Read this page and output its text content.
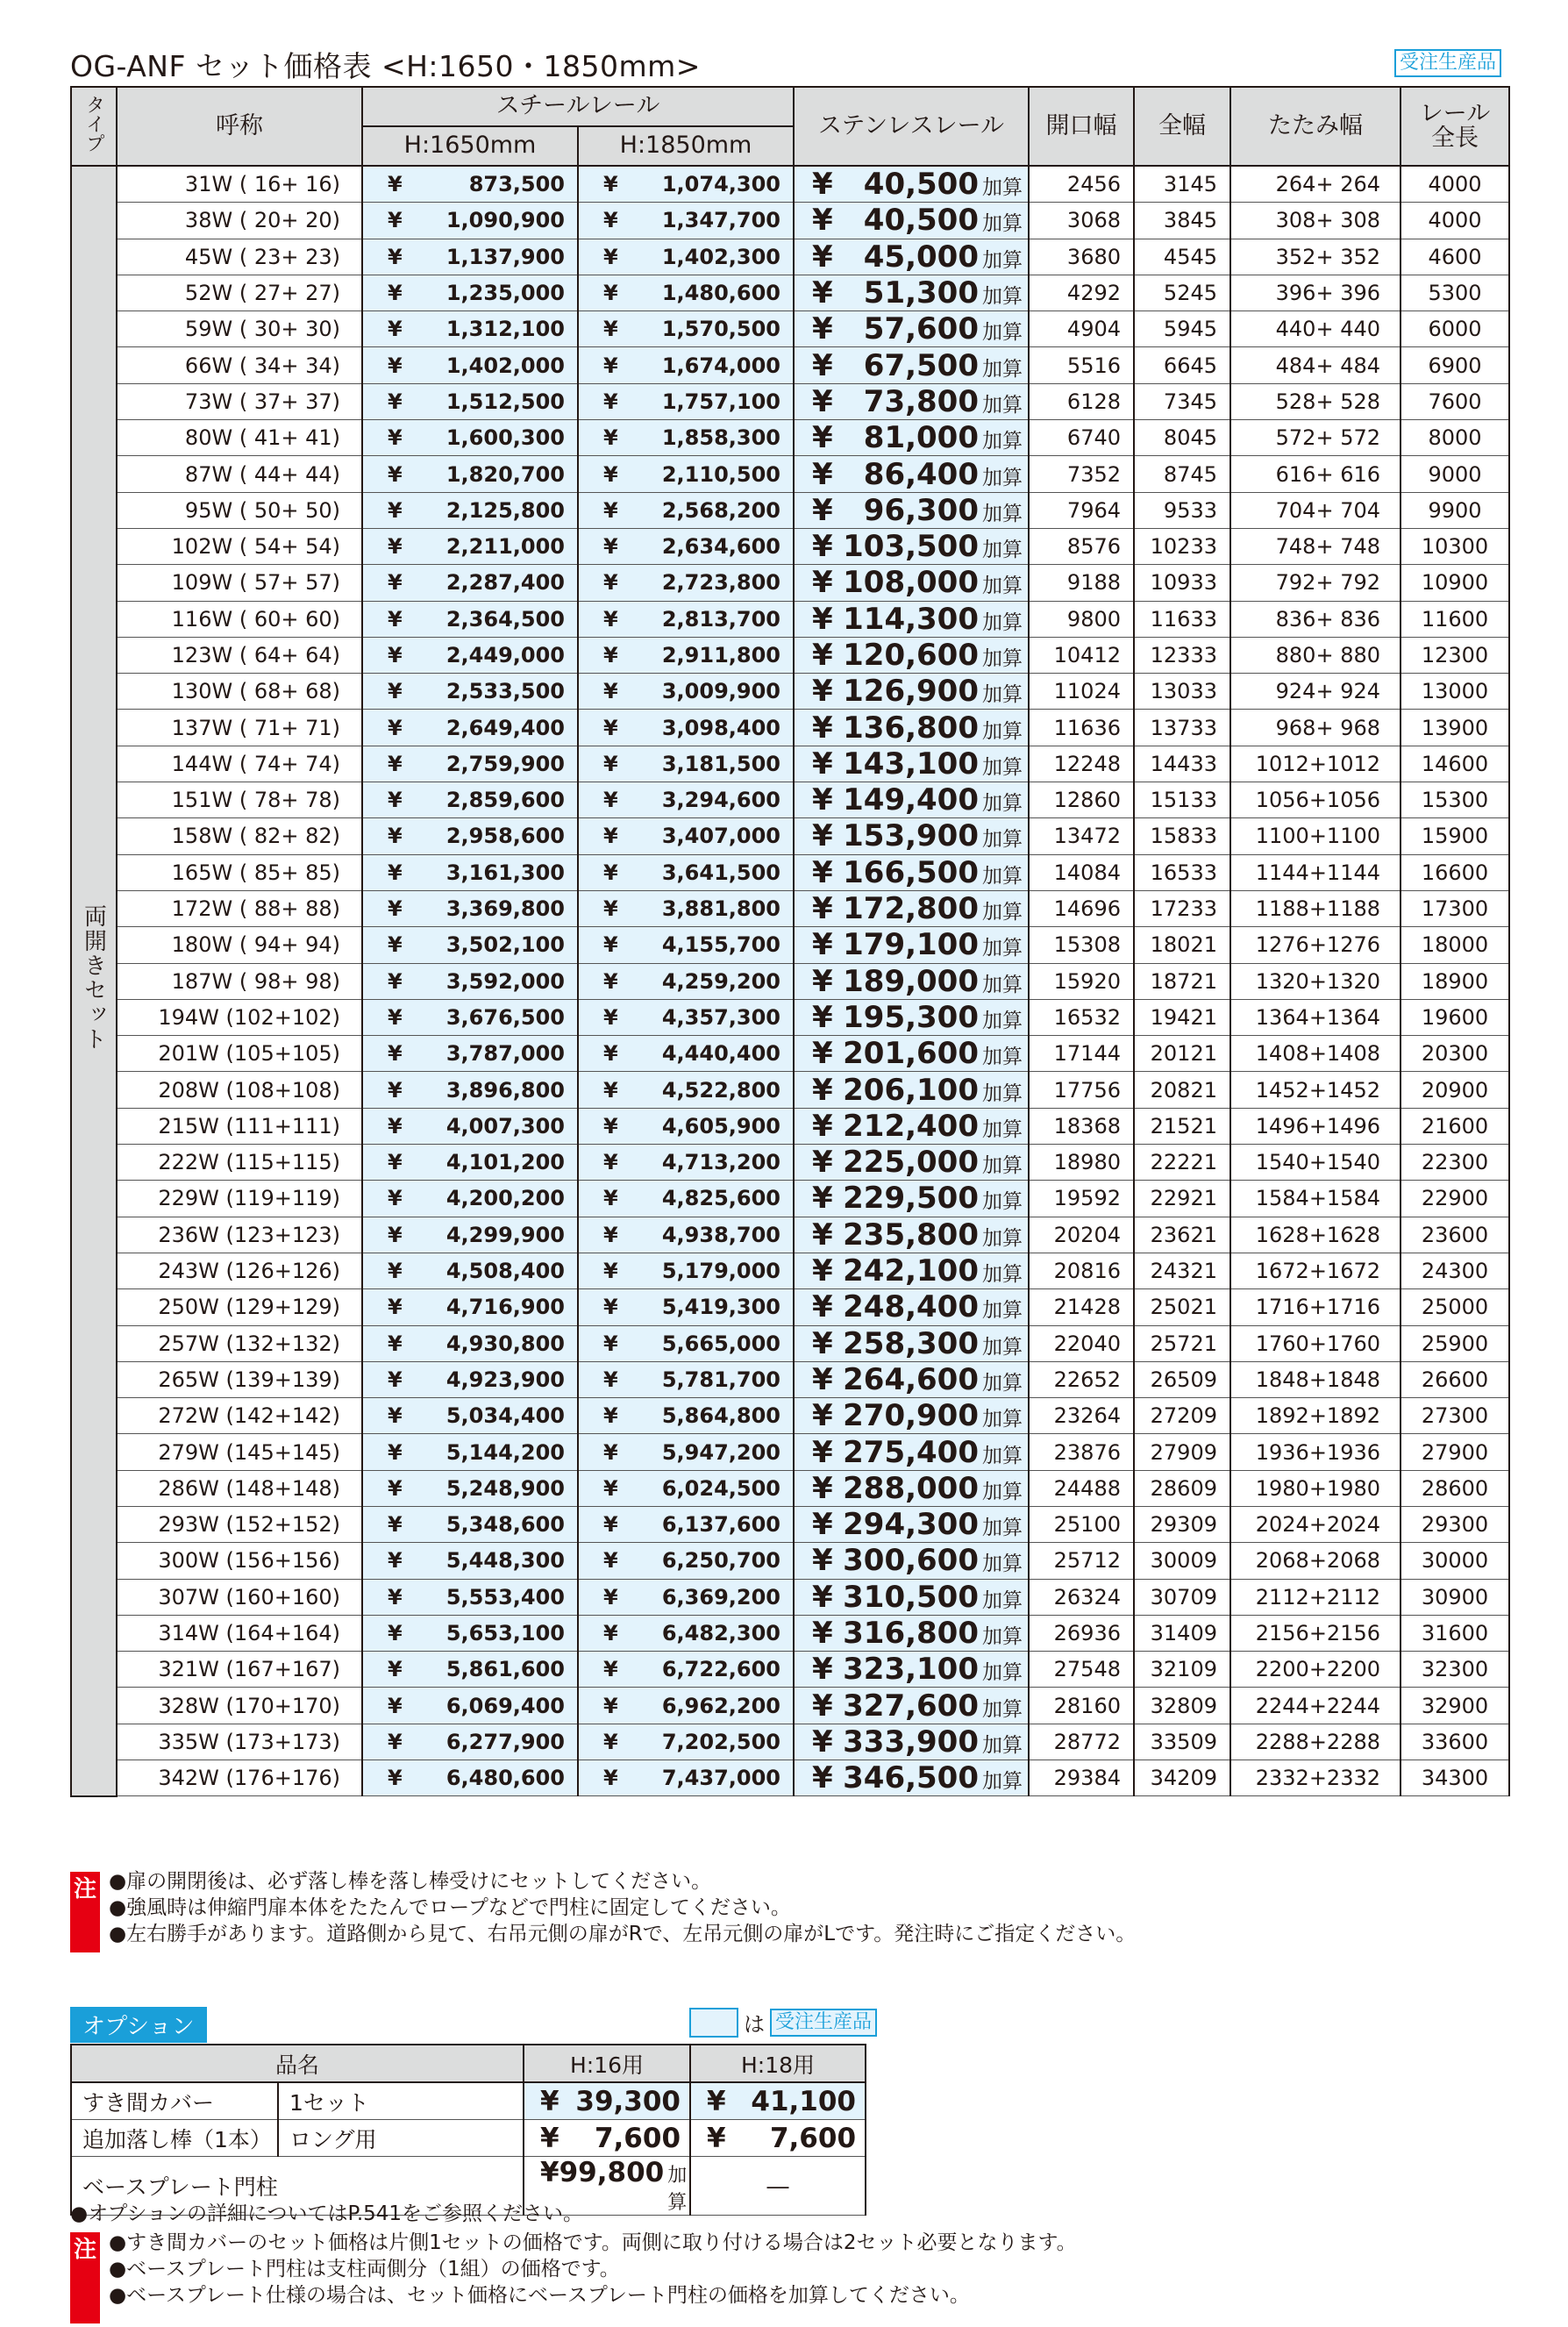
OG-ANF セット価格表 <H:1650・1850mm>	受注生産品
タイプ	呼称	スチールレール		ステンレスレール	開口幅	全幅	たたみ幅	レール全長
		H:1650mm	H:1850mm					
両開きセット	31W ( 16+ 16)	¥ 873,500	¥ 1,074,300	¥ 40,500 加算	2456	3145	264+ 264	4000
	38W ( 20+ 20)	¥ 1,090,900	¥ 1,347,700	¥ 40,500 加算	3068	3845	308+ 308	4000
	45W ( 23+ 23)	¥ 1,137,900	¥ 1,402,300	¥ 45,000 加算	3680	4545	352+ 352	4600
	52W ( 27+ 27)	¥ 1,235,000	¥ 1,480,600	¥ 51,300 加算	4292	5245	396+ 396	5300
	59W ( 30+ 30)	¥ 1,312,100	¥ 1,570,500	¥ 57,600 加算	4904	5945	440+ 440	6000
	66W ( 34+ 34)	¥ 1,402,000	¥ 1,674,000	¥ 67,500 加算	5516	6645	484+ 484	6900
	73W ( 37+ 37)	¥ 1,512,500	¥ 1,757,100	¥ 73,800 加算	6128	7345	528+ 528	7600
	80W ( 41+ 41)	¥ 1,600,300	¥ 1,858,300	¥ 81,000 加算	6740	8045	572+ 572	8000
	87W ( 44+ 44)	¥ 1,820,700	¥ 2,110,500	¥ 86,400 加算	7352	8745	616+ 616	9000
	95W ( 50+ 50)	¥ 2,125,800	¥ 2,568,200	¥ 96,300 加算	7964	9533	704+ 704	9900
	102W ( 54+ 54)	¥ 2,211,000	¥ 2,634,600	¥ 103,500 加算	8576	10233	748+ 748	10300
	109W ( 57+ 57)	¥ 2,287,400	¥ 2,723,800	¥ 108,000 加算	9188	10933	792+ 792	10900
	116W ( 60+ 60)	¥ 2,364,500	¥ 2,813,700	¥ 114,300 加算	9800	11633	836+ 836	11600
	123W ( 64+ 64)	¥ 2,449,000	¥ 2,911,800	¥ 120,600 加算	10412	12333	880+ 880	12300
	130W ( 68+ 68)	¥ 2,533,500	¥ 3,009,900	¥ 126,900 加算	11024	13033	924+ 924	13000
	137W ( 71+ 71)	¥ 2,649,400	¥ 3,098,400	¥ 136,800 加算	11636	13733	968+ 968	13900
	144W ( 74+ 74)	¥ 2,759,900	¥ 3,181,500	¥ 143,100 加算	12248	14433	1012+1012	14600
	151W ( 78+ 78)	¥ 2,859,600	¥ 3,294,600	¥ 149,400 加算	12860	15133	1056+1056	15300
	158W ( 82+ 82)	¥ 2,958,600	¥ 3,407,000	¥ 153,900 加算	13472	15833	1100+1100	15900
	165W ( 85+ 85)	¥ 3,161,300	¥ 3,641,500	¥ 166,500 加算	14084	16533	1144+1144	16600
	172W ( 88+ 88)	¥ 3,369,800	¥ 3,881,800	¥ 172,800 加算	14696	17233	1188+1188	17300
	180W ( 94+ 94)	¥ 3,502,100	¥ 4,155,700	¥ 179,100 加算	15308	18021	1276+1276	18000
	187W ( 98+ 98)	¥ 3,592,000	¥ 4,259,200	¥ 189,000 加算	15920	18721	1320+1320	18900
	194W (102+102)	¥ 3,676,500	¥ 4,357,300	¥ 195,300 加算	16532	19421	1364+1364	19600
	201W (105+105)	¥ 3,787,000	¥ 4,440,400	¥ 201,600 加算	17144	20121	1408+1408	20300
	208W (108+108)	¥ 3,896,800	¥ 4,522,800	¥ 206,100 加算	17756	20821	1452+1452	20900
	215W (111+111)	¥ 4,007,300	¥ 4,605,900	¥ 212,400 加算	18368	21521	1496+1496	21600
	222W (115+115)	¥ 4,101,200	¥ 4,713,200	¥ 225,000 加算	18980	22221	1540+1540	22300
	229W (119+119)	¥ 4,200,200	¥ 4,825,600	¥ 229,500 加算	19592	22921	1584+1584	22900
	236W (123+123)	¥ 4,299,900	¥ 4,938,700	¥ 235,800 加算	20204	23621	1628+1628	23600
	243W (126+126)	¥ 4,508,400	¥ 5,179,000	¥ 242,100 加算	20816	24321	1672+1672	24300
	250W (129+129)	¥ 4,716,900	¥ 5,419,300	¥ 248,400 加算	21428	25021	1716+1716	25000
	257W (132+132)	¥ 4,930,800	¥ 5,665,000	¥ 258,300 加算	22040	25721	1760+1760	25900
	265W (139+139)	¥ 4,923,900	¥ 5,781,700	¥ 264,600 加算	22652	26509	1848+1848	26600
	272W (142+142)	¥ 5,034,400	¥ 5,864,800	¥ 270,900 加算	23264	27209	1892+1892	27300
	279W (145+145)	¥ 5,144,200	¥ 5,947,200	¥ 275,400 加算	23876	27909	1936+1936	27900
	286W (148+148)	¥ 5,248,900	¥ 6,024,500	¥ 288,000 加算	24488	28609	1980+1980	28600
	293W (152+152)	¥ 5,348,600	¥ 6,137,600	¥ 294,300 加算	25100	29309	2024+2024	29300
	300W (156+156)	¥ 5,448,300	¥ 6,250,700	¥ 300,600 加算	25712	30009	2068+2068	30000
	307W (160+160)	¥ 5,553,400	¥ 6,369,200	¥ 310,500 加算	26324	30709	2112+2112	30900
	314W (164+164)	¥ 5,653,100	¥ 6,482,300	¥ 316,800 加算	26936	31409	2156+2156	31600
	321W (167+167)	¥ 5,861,600	¥ 6,722,600	¥ 323,100 加算	27548	32109	2200+2200	32300
	328W (170+170)	¥ 6,069,400	¥ 6,962,200	¥ 327,600 加算	28160	32809	2244+2244	32900
	335W (173+173)	¥ 6,277,900	¥ 7,202,500	¥ 333,900 加算	28772	33509	2288+2288	33600
	342W (176+176)	¥ 6,480,600	¥ 7,437,000	¥ 346,500 加算	29384	34209	2332+2332	34300
注 ●扉の開閉後は、必ず落し棒を落し棒受けにセットしてください。
●強風時は伸縮門扉本体をたたんでロープなどで門柱に固定してください。
●左右勝手があります。道路側から見て、右吊元側の扉がRで、左吊元側の扉がLです。発注時にご指定ください。
オプション	は 受注生産品
品名		H:16用	H:18用
すき間カバー	1セット	¥ 39,300	¥ 41,100

追加落し棒（1本）	ロング用	¥ 7,600	¥ 7,600

ベースプレート門柱		¥ 99,800 加算	―
●オプションの詳細についてはP.541をご参照ください。
注 ●すき間カバーのセット価格は片側1セットの価格です。両側に取り付ける場合は2セット必要となります。
●ベースプレート門柱は支柱両側分（1組）の価格です。
●ベースプレート仕様の場合は、セット価格にベースプレート門柱の価格を加算してください。
